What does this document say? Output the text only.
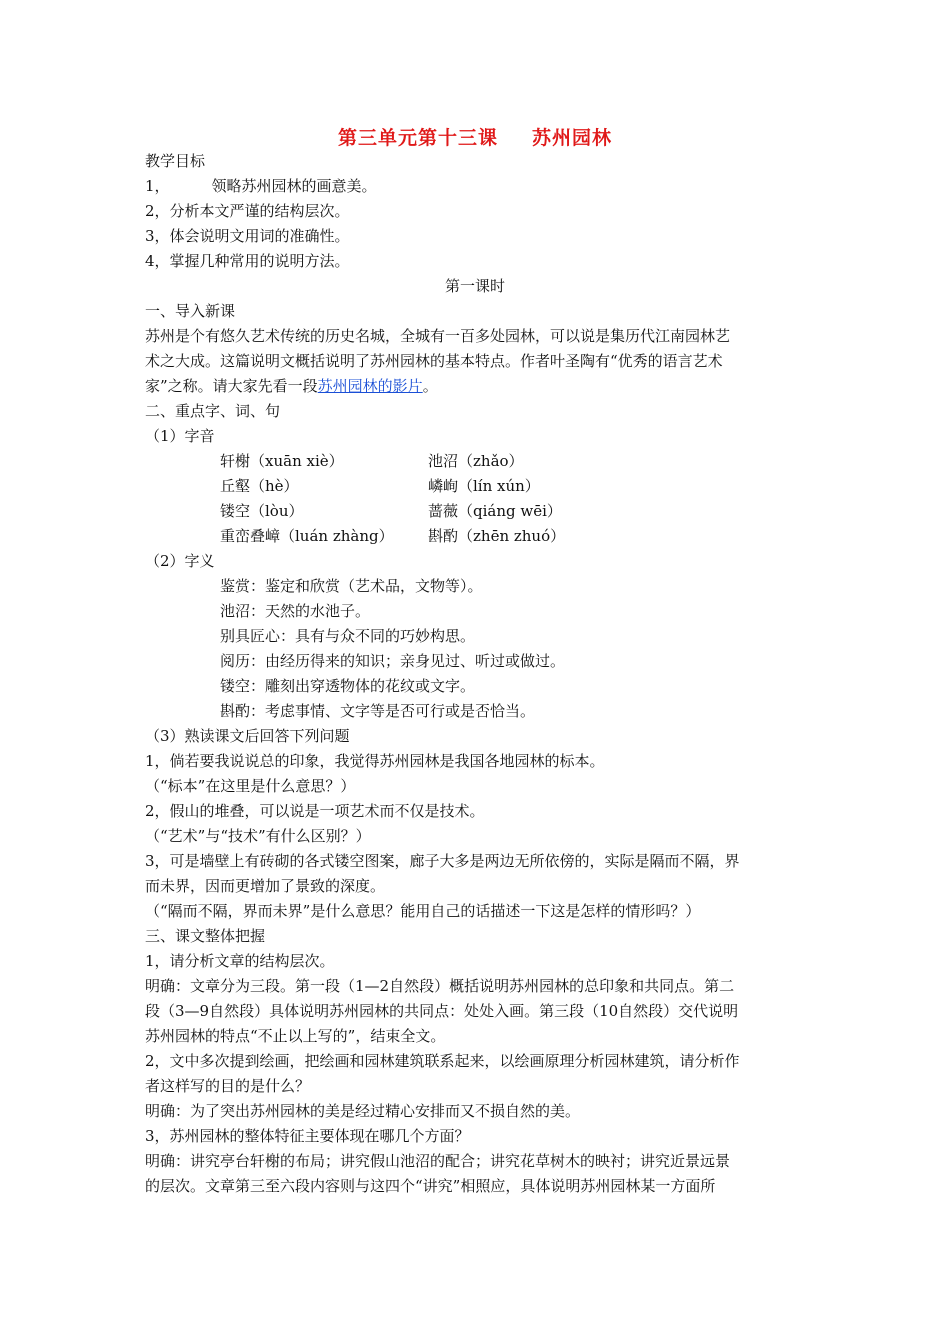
第三单元第十三课 苏州园林
教学目标
1，	领略苏州园林的画意美。
2，分析本文严谨的结构层次。
3，体会说明文用词的准确性。
4，掌握几种常用的说明方法。
第一课时
一、导入新课
苏州是个有悠久艺术传统的历史名城，全城有一百多处园林，可以说是集历代江南园林艺
术之大成。这篇说明文概括说明了苏州园林的基本特点。作者叶圣陶有“优秀的语言艺术
家”之称。请大家先看一段苏州园林的影片。
二、重点字、词、句
（1）字音
轩榭（xuān xiè）	池沼（zhǎo）
丘壑（hè）	嶙峋（lín xún）
镂空（lòu）	蔷薇（qiáng wēi）
重峦叠嶂（luán zhàng）	斟酌（zhēn zhuó）
（2）字义
鉴赏：鉴定和欣赏（艺术品，文物等）。
池沼：天然的水池子。
别具匠心：具有与众不同的巧妙构思。
阅历：由经历得来的知识；亲身见过、听过或做过。
镂空：雕刻出穿透物体的花纹或文字。
斟酌：考虑事情、文字等是否可行或是否恰当。
（3）熟读课文后回答下列问题
1，倘若要我说说总的印象，我觉得苏州园林是我国各地园林的标本。
（“标本”在这里是什么意思？）
2，假山的堆叠，可以说是一项艺术而不仅是技术。
（“艺术”与“技术”有什么区别？）
3，可是墙壁上有砖砌的各式镂空图案，廊子大多是两边无所依傍的，实际是隔而不隔，界
而未界，因而更增加了景致的深度。
（“隔而不隔，界而未界”是什么意思？能用自己的话描述一下这是怎样的情形吗？）
三、课文整体把握
1，请分析文章的结构层次。
明确：文章分为三段。第一段（1—2自然段）概括说明苏州园林的总印象和共同点。第二
段（3—9自然段）具体说明苏州园林的共同点：处处入画。第三段（10自然段）交代说明
苏州园林的特点“不止以上写的”，结束全文。
2，文中多次提到绘画，把绘画和园林建筑联系起来，以绘画原理分析园林建筑，请分析作
者这样写的目的是什么？
明确：为了突出苏州园林的美是经过精心安排而又不损自然的美。
3，苏州园林的整体特征主要体现在哪几个方面？
明确：讲究亭台轩榭的布局；讲究假山池沼的配合；讲究花草树木的映衬；讲究近景远景
的层次。文章第三至六段内容则与这四个“讲究”相照应，具体说明苏州园林某一方面所
